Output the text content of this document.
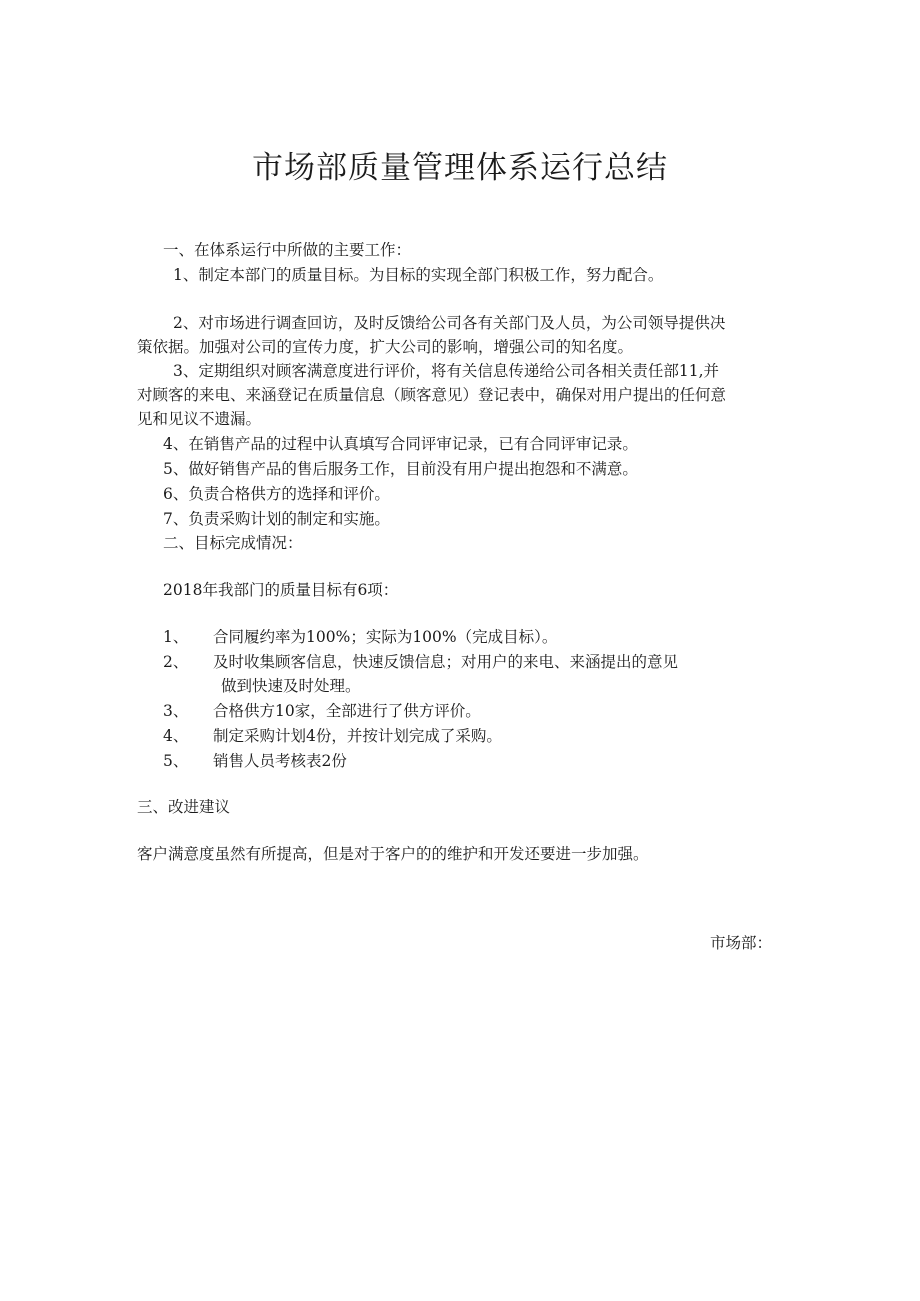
市场部质量管理体系运行总结

一、在体系运行中所做的主要工作：

1、制定本部门的质量目标。为目标的实现全部门积极工作，努力配合。

2、对市场进行调查回访，及时反馈给公司各有关部门及人员，为公司领导提供决

策依据。加强对公司的宣传力度，扩大公司的影响，增强公司的知名度。

3、定期组织对顾客满意度进行评价，将有关信息传递给公司各相关责任部11,并

对顾客的来电、来涵登记在质量信息（顾客意见）登记表中，确保对用户提出的任何意

见和见议不遗漏。

4、在销售产品的过程中认真填写合同评审记录，已有合同评审记录。

5、做好销售产品的售后服务工作，目前没有用户提出抱怨和不满意。

6、负责合格供方的选择和评价。

7、负责采购计划的制定和实施。

二、目标完成情况：

2018年我部门的质量目标有6项：

1、 合同履约率为100%；实际为100%（完成目标）。

2、 及时收集顾客信息，快速反馈信息；对用户的来电、来涵提出的意见

做到快速及时处理。

3、 合格供方10家，全部进行了供方评价。

4、 制定采购计划4份，并按计划完成了采购。

5、 销售人员考核表2份

三、改进建议

客户满意度虽然有所提高，但是对于客户的的维护和开发还要进一步加强。

市场部：
